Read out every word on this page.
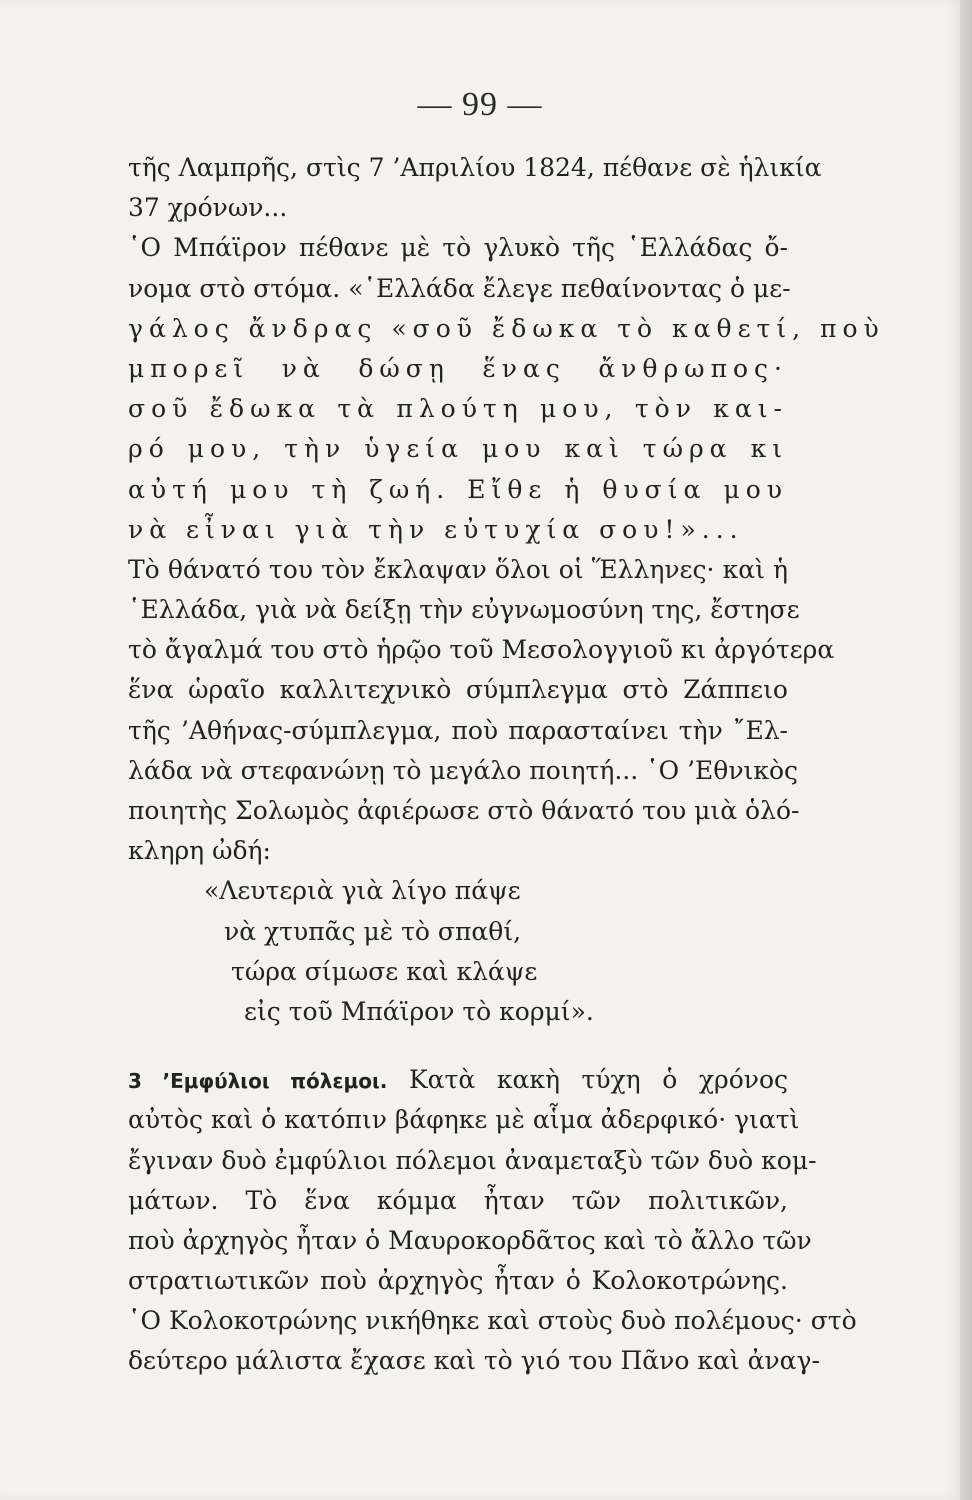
— 99 —
τῆς Λαμπρῆς, στὶς 7 ’Απριλίου 1824, πέθανε σὲ ἡλικία
37 χρόνων...
῾Ο Μπάϊρον πέθανε μὲ τὸ γλυκὸ τῆς ῾Ελλάδας ὄ-
νομα στὸ στόμα. «῾Ελλάδα ἔλεγε πεθαίνοντας ὁ με-
γάλος ἄνδρας «σοῦ ἔδωκα τὸ καθετί, ποὺ
μπορεῖ νὰ δώσῃ ἕνας ἄνθρωπος·
σοῦ ἔδωκα τὰ πλούτη μου, τὸν και-
ρό μου, τὴν ὑγεία μου καὶ τώρα κι
αὐτή μου τὴ ζωή. Εἴθε ἡ θυσία μου
νὰ εἶναι γιὰ τὴν εὐτυχία σου!»...
Τὸ θάνατό του τὸν ἔκλαψαν ὅλοι οἱ Ἕλληνες· καὶ ἡ
῾Ελλάδα, γιὰ νὰ δείξῃ τὴν εὐγνωμοσύνη της, ἔστησε
τὸ ἄγαλμά του στὸ ἡρῷο τοῦ Μεσολογγιοῦ κι ἀργότερα
ἕνα ὡραῖο καλλιτεχνικὸ σύμπλεγμα στὸ Ζάππειο
τῆς ’Αθήνας-σύμπλεγμα, ποὺ παρασταίνει τὴν ῎Ελ-
λάδα νὰ στεφανώνῃ τὸ μεγάλο ποιητή... ῾Ο ’Εθνικὸς
ποιητὴς Σολωμὸς ἀφιέρωσε στὸ θάνατό του μιὰ ὁλό-
κληρη ὠδή:
«Λευτεριὰ γιὰ λίγο πάψε
νὰ χτυπᾶς μὲ τὸ σπαθί,
τώρα σίμωσε καὶ κλάψε
εἰς τοῦ Μπάϊρον τὸ κορμί».
3 ’Εμφύλιοι πόλεμοι. Κατὰ κακὴ τύχη ὁ χρόνος
αὐτὸς καὶ ὁ κατόπιν βάφηκε μὲ αἷμα ἀδερφικό· γιατὶ
ἔγιναν δυὸ ἐμφύλιοι πόλεμοι ἀναμεταξὺ τῶν δυὸ κομ-
μάτων. Τὸ ἕνα κόμμα ἦταν τῶν πολιτικῶν,
ποὺ ἀρχηγὸς ἦταν ὁ Μαυροκορδᾶτος καὶ τὸ ἄλλο τῶν
στρατιωτικῶν ποὺ ἀρχηγὸς ἦταν ὁ Κολοκοτρώνης.
῾Ο Κολοκοτρώνης νικήθηκε καὶ στοὺς δυὸ πολέμους· στὸ
δεύτερο μάλιστα ἔχασε καὶ τὸ γιό του Πᾶνο καὶ ἀναγ-
